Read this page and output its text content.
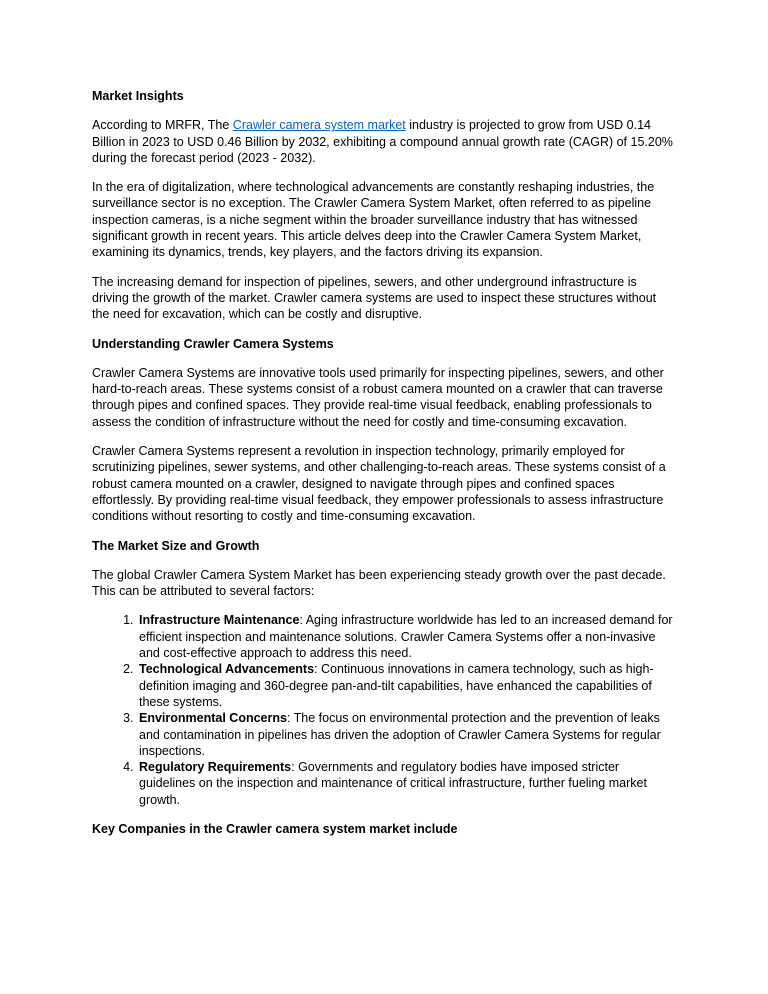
Market Insights

According to MRFR, The Crawler camera system market industry is projected to grow from USD 0.14 Billion in 2023 to USD 0.46 Billion by 2032, exhibiting a compound annual growth rate (CAGR) of 15.20% during the forecast period (2023 - 2032).

In the era of digitalization, where technological advancements are constantly reshaping industries, the surveillance sector is no exception. The Crawler Camera System Market, often referred to as pipeline inspection cameras, is a niche segment within the broader surveillance industry that has witnessed significant growth in recent years. This article delves deep into the Crawler Camera System Market, examining its dynamics, trends, key players, and the factors driving its expansion.

The increasing demand for inspection of pipelines, sewers, and other underground infrastructure is driving the growth of the market. Crawler camera systems are used to inspect these structures without the need for excavation, which can be costly and disruptive.

Understanding Crawler Camera Systems

Crawler Camera Systems are innovative tools used primarily for inspecting pipelines, sewers, and other hard-to-reach areas. These systems consist of a robust camera mounted on a crawler that can traverse through pipes and confined spaces. They provide real-time visual feedback, enabling professionals to assess the condition of infrastructure without the need for costly and time-consuming excavation.

Crawler Camera Systems represent a revolution in inspection technology, primarily employed for scrutinizing pipelines, sewer systems, and other challenging-to-reach areas. These systems consist of a robust camera mounted on a crawler, designed to navigate through pipes and confined spaces effortlessly. By providing real-time visual feedback, they empower professionals to assess infrastructure conditions without resorting to costly and time-consuming excavation.

The Market Size and Growth

The global Crawler Camera System Market has been experiencing steady growth over the past decade. This can be attributed to several factors:

1. Infrastructure Maintenance: Aging infrastructure worldwide has led to an increased demand for efficient inspection and maintenance solutions. Crawler Camera Systems offer a non-invasive and cost-effective approach to address this need.
2. Technological Advancements: Continuous innovations in camera technology, such as high-definition imaging and 360-degree pan-and-tilt capabilities, have enhanced the capabilities of these systems.
3. Environmental Concerns: The focus on environmental protection and the prevention of leaks and contamination in pipelines has driven the adoption of Crawler Camera Systems for regular inspections.
4. Regulatory Requirements: Governments and regulatory bodies have imposed stricter guidelines on the inspection and maintenance of critical infrastructure, further fueling market growth.
Key Companies in the Crawler camera system market include
